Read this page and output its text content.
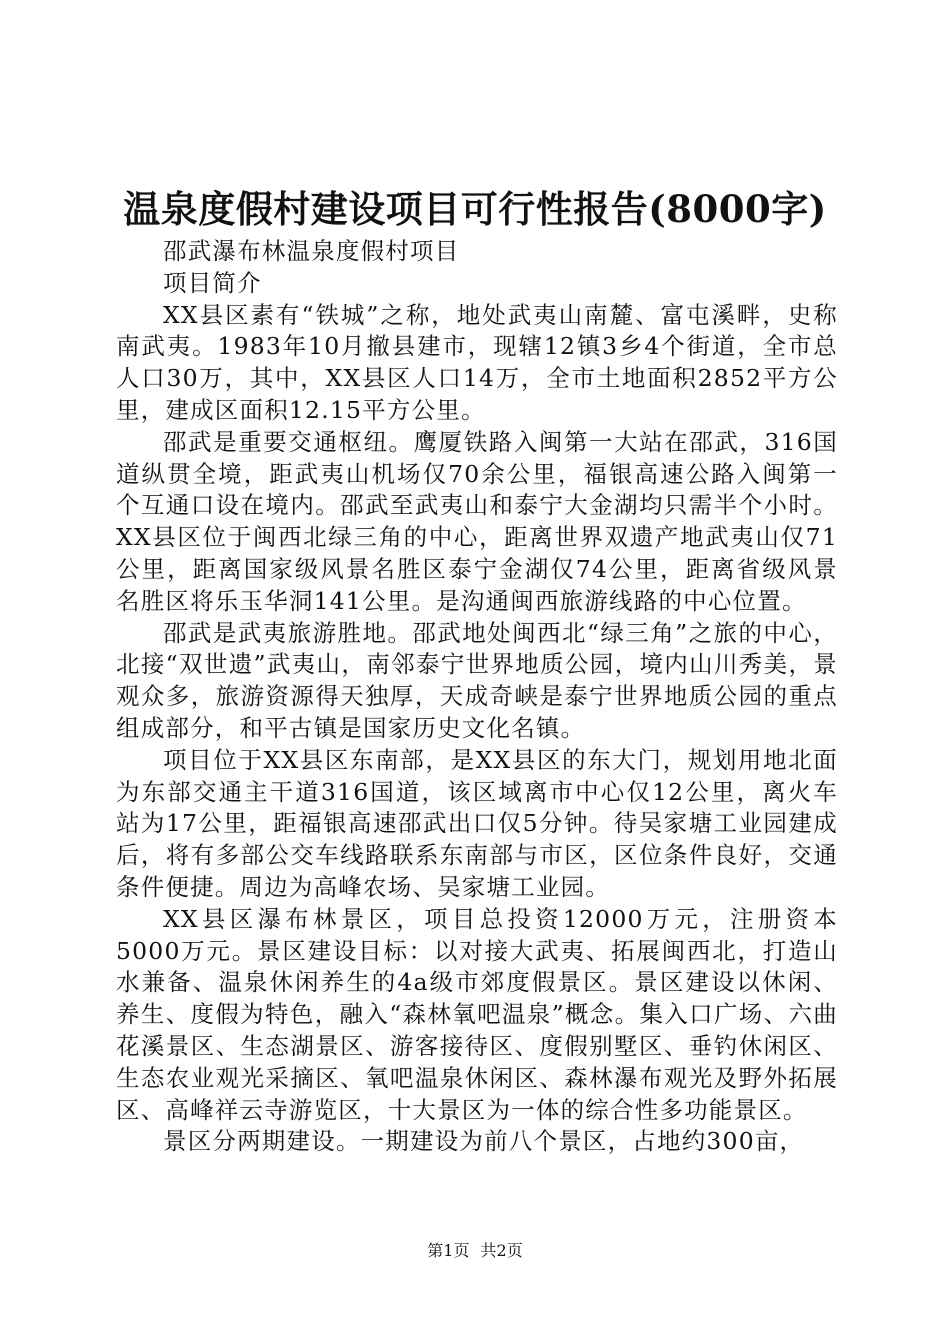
温泉度假村建设项目可行性报告(8000字)

邵武瀑布林温泉度假村项目

项目简介

XX县区素有“铁城”之称，地处武夷山南麓、富屯溪畔，史称南武夷。1983年10月撤县建市，现辖12镇3乡4个街道，全市总人口30万，其中，XX县区人口14万，全市土地面积2852平方公里，建成区面积12.15平方公里。

邵武是重要交通枢纽。鹰厦铁路入闽第一大站在邵武，316国道纵贯全境，距武夷山机场仅70余公里，福银高速公路入闽第一个互通口设在境内。邵武至武夷山和泰宁大金湖均只需半个小时。XX县区位于闽西北绿三角的中心，距离世界双遗产地武夷山仅71公里，距离国家级风景名胜区泰宁金湖仅74公里，距离省级风景名胜区将乐玉华洞141公里。是沟通闽西旅游线路的中心位置。

邵武是武夷旅游胜地。邵武地处闽西北“绿三角”之旅的中心，北接“双世遗”武夷山，南邻泰宁世界地质公园，境内山川秀美，景观众多，旅游资源得天独厚，天成奇峡是泰宁世界地质公园的重点组成部分，和平古镇是国家历史文化名镇。

项目位于XX县区东南部，是XX县区的东大门，规划用地北面为东部交通主干道316国道，该区域离市中心仅12公里，离火车站为17公里，距福银高速邵武出口仅5分钟。待吴家塘工业园建成后，将有多部公交车线路联系东南部与市区，区位条件良好，交通条件便捷。周边为高峰农场、吴家塘工业园。

XX县区瀑布林景区，项目总投资12000万元，注册资本5000万元。景区建设目标：以对接大武夷、拓展闽西北，打造山水兼备、温泉休闲养生的4a级市郊度假景区。景区建设以休闲、养生、度假为特色，融入“森林氧吧温泉”概念。集入口广场、六曲花溪景区、生态湖景区、游客接待区、度假别墅区、垂钓休闲区、生态农业观光采摘区、氧吧温泉休闲区、森林瀑布观光及野外拓展区、高峰祥云寺游览区，十大景区为一体的综合性多功能景区。

景区分两期建设。一期建设为前八个景区，占地约300亩，

第1页 共2页
